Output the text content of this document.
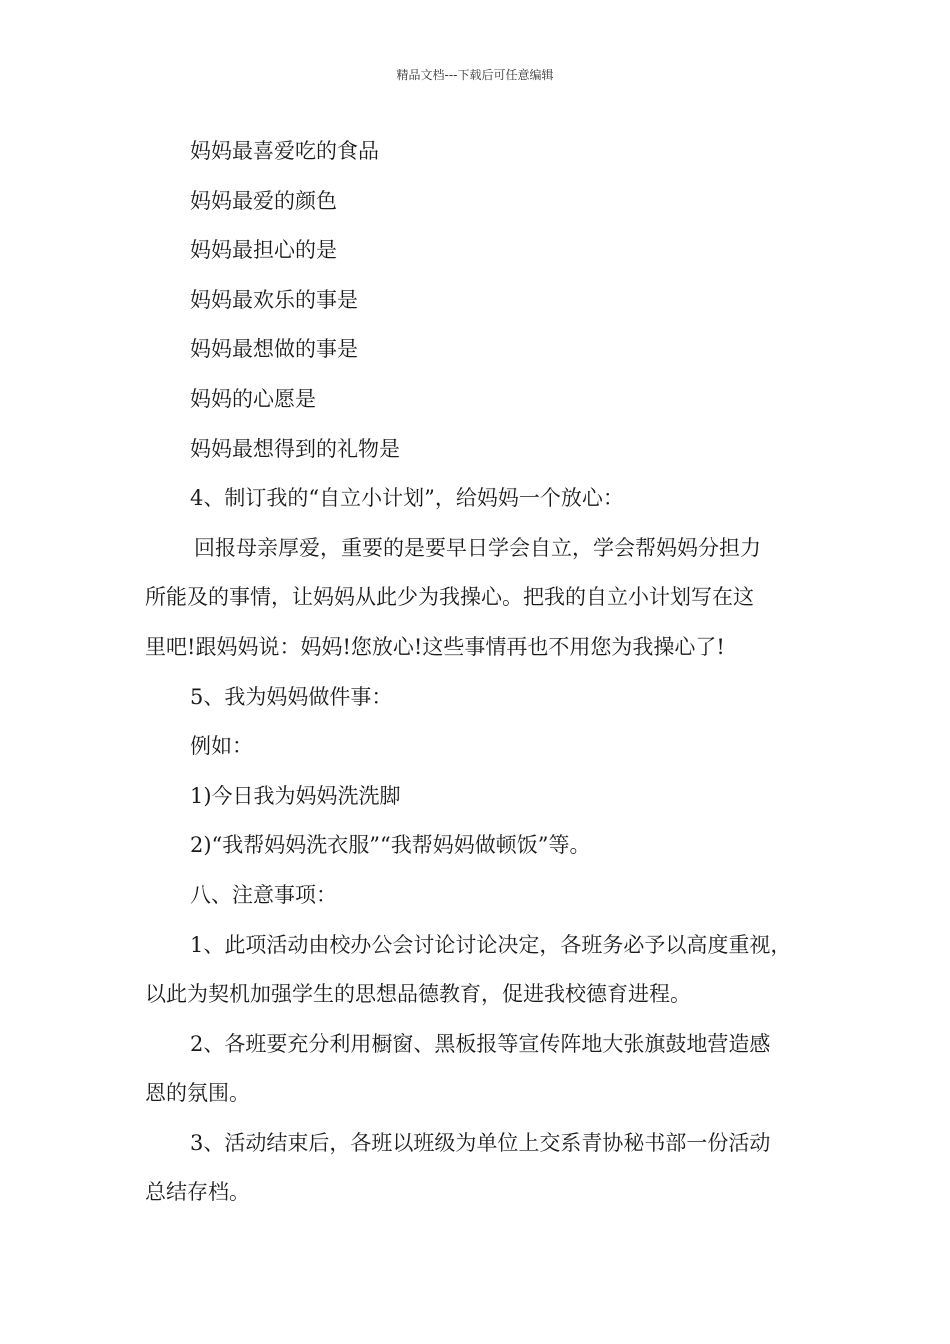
精品文档---下载后可任意编辑
妈妈最喜爱吃的食品
妈妈最爱的颜色
妈妈最担心的是
妈妈最欢乐的事是
妈妈最想做的事是
妈妈的心愿是
妈妈最想得到的礼物是
4、制订我的“自立小计划”，给妈妈一个放心：
回报母亲厚爱，重要的是要早日学会自立，学会帮妈妈分担力
所能及的事情，让妈妈从此少为我操心。把我的自立小计划写在这
里吧!跟妈妈说：妈妈!您放心!这些事情再也不用您为我操心了!
5、我为妈妈做件事：
例如：
1)今日我为妈妈洗洗脚
2)“我帮妈妈洗衣服”“我帮妈妈做顿饭”等。
八、注意事项：
1、此项活动由校办公会讨论讨论决定，各班务必予以高度重视，
以此为契机加强学生的思想品德教育，促进我校德育进程。
2、各班要充分利用橱窗、黑板报等宣传阵地大张旗鼓地营造感
恩的氛围。
3、活动结束后，各班以班级为单位上交系青协秘书部一份活动
总结存档。
